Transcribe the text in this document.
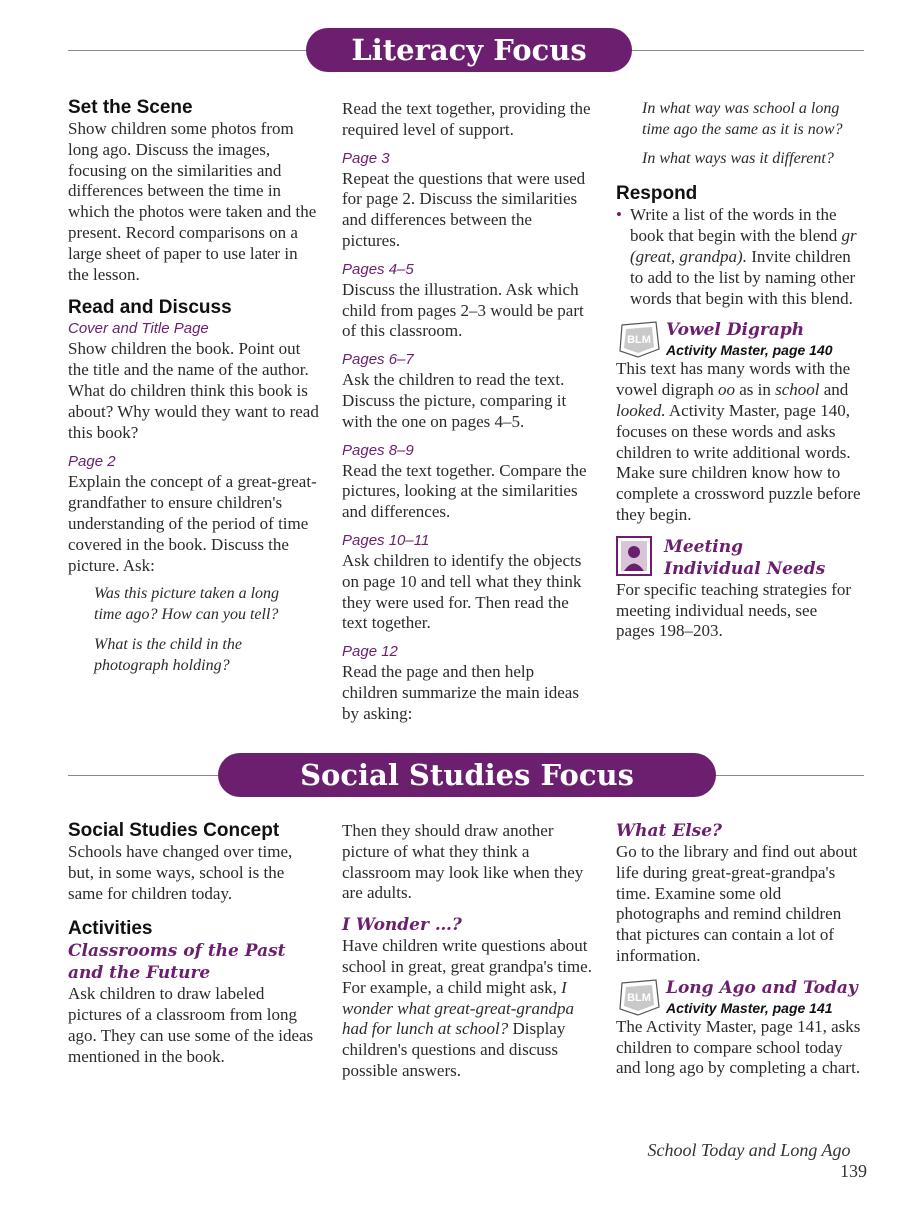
Literacy Focus

Set the Scene

Show children some photos from long ago. Discuss the images, focusing on the similarities and differences between the time in which the photos were taken and the present. Record comparisons on a large sheet of paper to use later in the lesson.

Read and Discuss

Cover and Title Page

Show children the book. Point out the title and the name of the author. What do children think this book is about? Why would they want to read this book?

Page 2

Explain the concept of a great-great-grandfather to ensure children's understanding of the period of time covered in the book. Discuss the picture. Ask:

Was this picture taken a long time ago? How can you tell?

What is the child in the photograph holding?

Read the text together, providing the required level of support.

Page 3

Repeat the questions that were used for page 2. Discuss the similarities and differences between the pictures.

Pages 4–5

Discuss the illustration. Ask which child from pages 2–3 would be part of this classroom.

Pages 6–7

Ask the children to read the text. Discuss the picture, comparing it with the one on pages 4–5.

Pages 8–9

Read the text together. Compare the pictures, looking at the similarities and differences.

Pages 10–11

Ask children to identify the objects on page 10 and tell what they think they were used for. Then read the text together.

Page 12

Read the page and then help children summarize the main ideas by asking:

In what way was school a long time ago the same as it is now?

In what ways was it different?

Respond

• Write a list of the words in the book that begin with the blend gr (great, grandpa). Invite children to add to the list by naming other words that begin with this blend.

BLM Vowel Digraph

Activity Master, page 140

This text has many words with the vowel digraph oo as in school and looked. Activity Master, page 140, focuses on these words and asks children to write additional words. Make sure children know how to complete a crossword puzzle before they begin.

Meeting

Individual Needs

For specific teaching strategies for meeting individual needs, see pages 198–203.

Social Studies Focus

Social Studies Concept

Schools have changed over time, but, in some ways, school is the same for children today.

Activities

Classrooms of the Past

and the Future

Ask children to draw labeled pictures of a classroom from long ago. They can use some of the ideas mentioned in the book.

Then they should draw another picture of what they think a classroom may look like when they are adults.

I Wonder …?

Have children write questions about school in great, great grandpa's time. For example, a child might ask, I wonder what great-great-grandpa had for lunch at school? Display children's questions and discuss possible answers.

What Else?

Go to the library and find out about life during great-great-grandpa's time. Examine some old photographs and remind children that pictures can contain a lot of information.

BLM Long Ago and Today

Activity Master, page 141

The Activity Master, page 141, asks children to compare school today and long ago by completing a chart.

School Today and Long Ago  139
